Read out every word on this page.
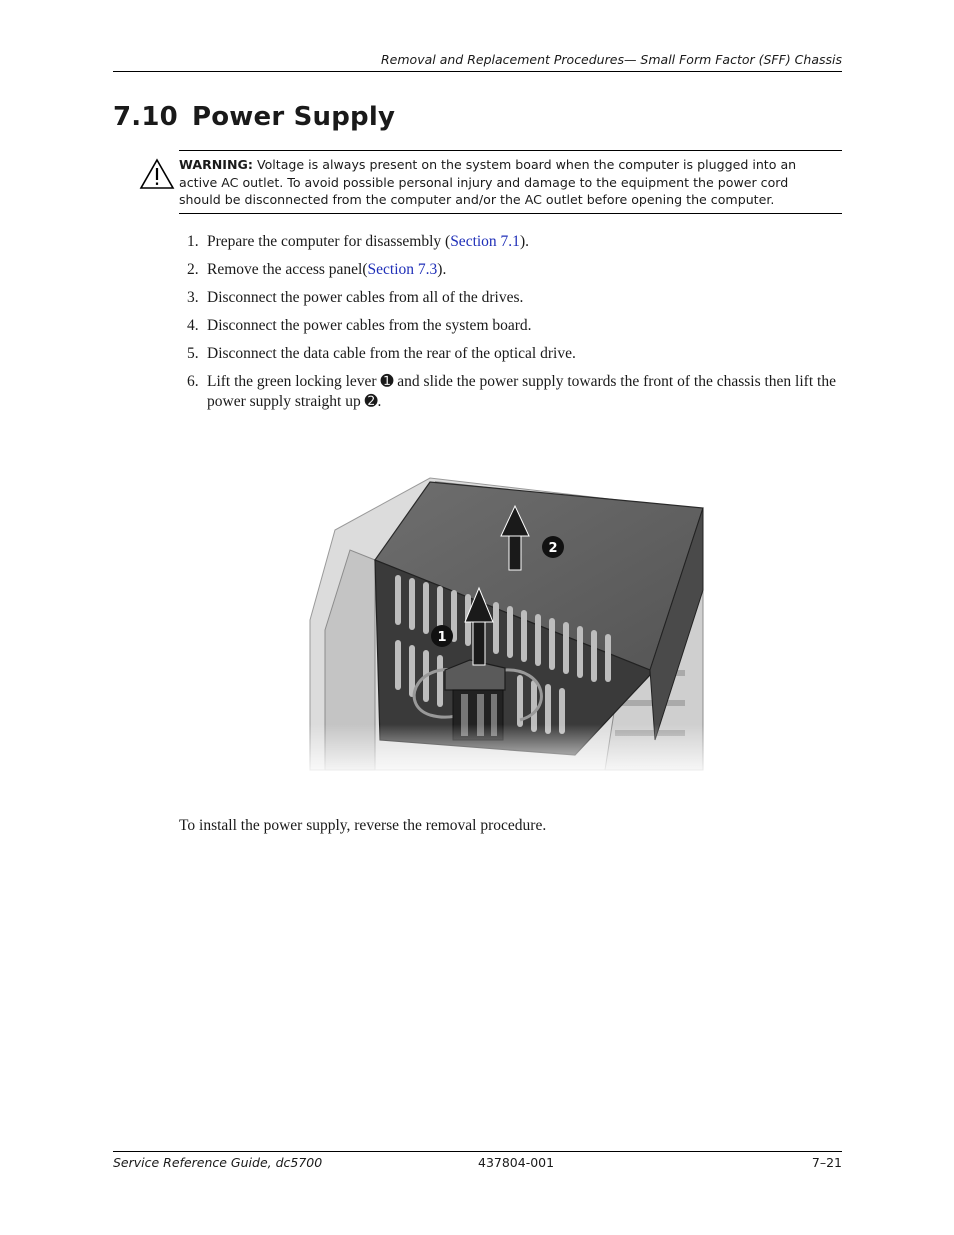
Removal and Replacement Procedures— Small Form Factor (SFF) Chassis
7.10 Power Supply
WARNING: Voltage is always present on the system board when the computer is plugged into an active AC outlet. To avoid possible personal injury and damage to the equipment the power cord should be disconnected from the computer and/or the AC outlet before opening the computer.
1. Prepare the computer for disassembly (Section 7.1).
2. Remove the access panel(Section 7.3).
3. Disconnect the power cables from all of the drives.
4. Disconnect the power cables from the system board.
5. Disconnect the data cable from the rear of the optical drive.
6. Lift the green locking lever ➊ and slide the power supply towards the front of the chassis then lift the power supply straight up ➋.
To install the power supply, reverse the removal procedure.
Service Reference Guide, dc5700	437804-001	7–21
